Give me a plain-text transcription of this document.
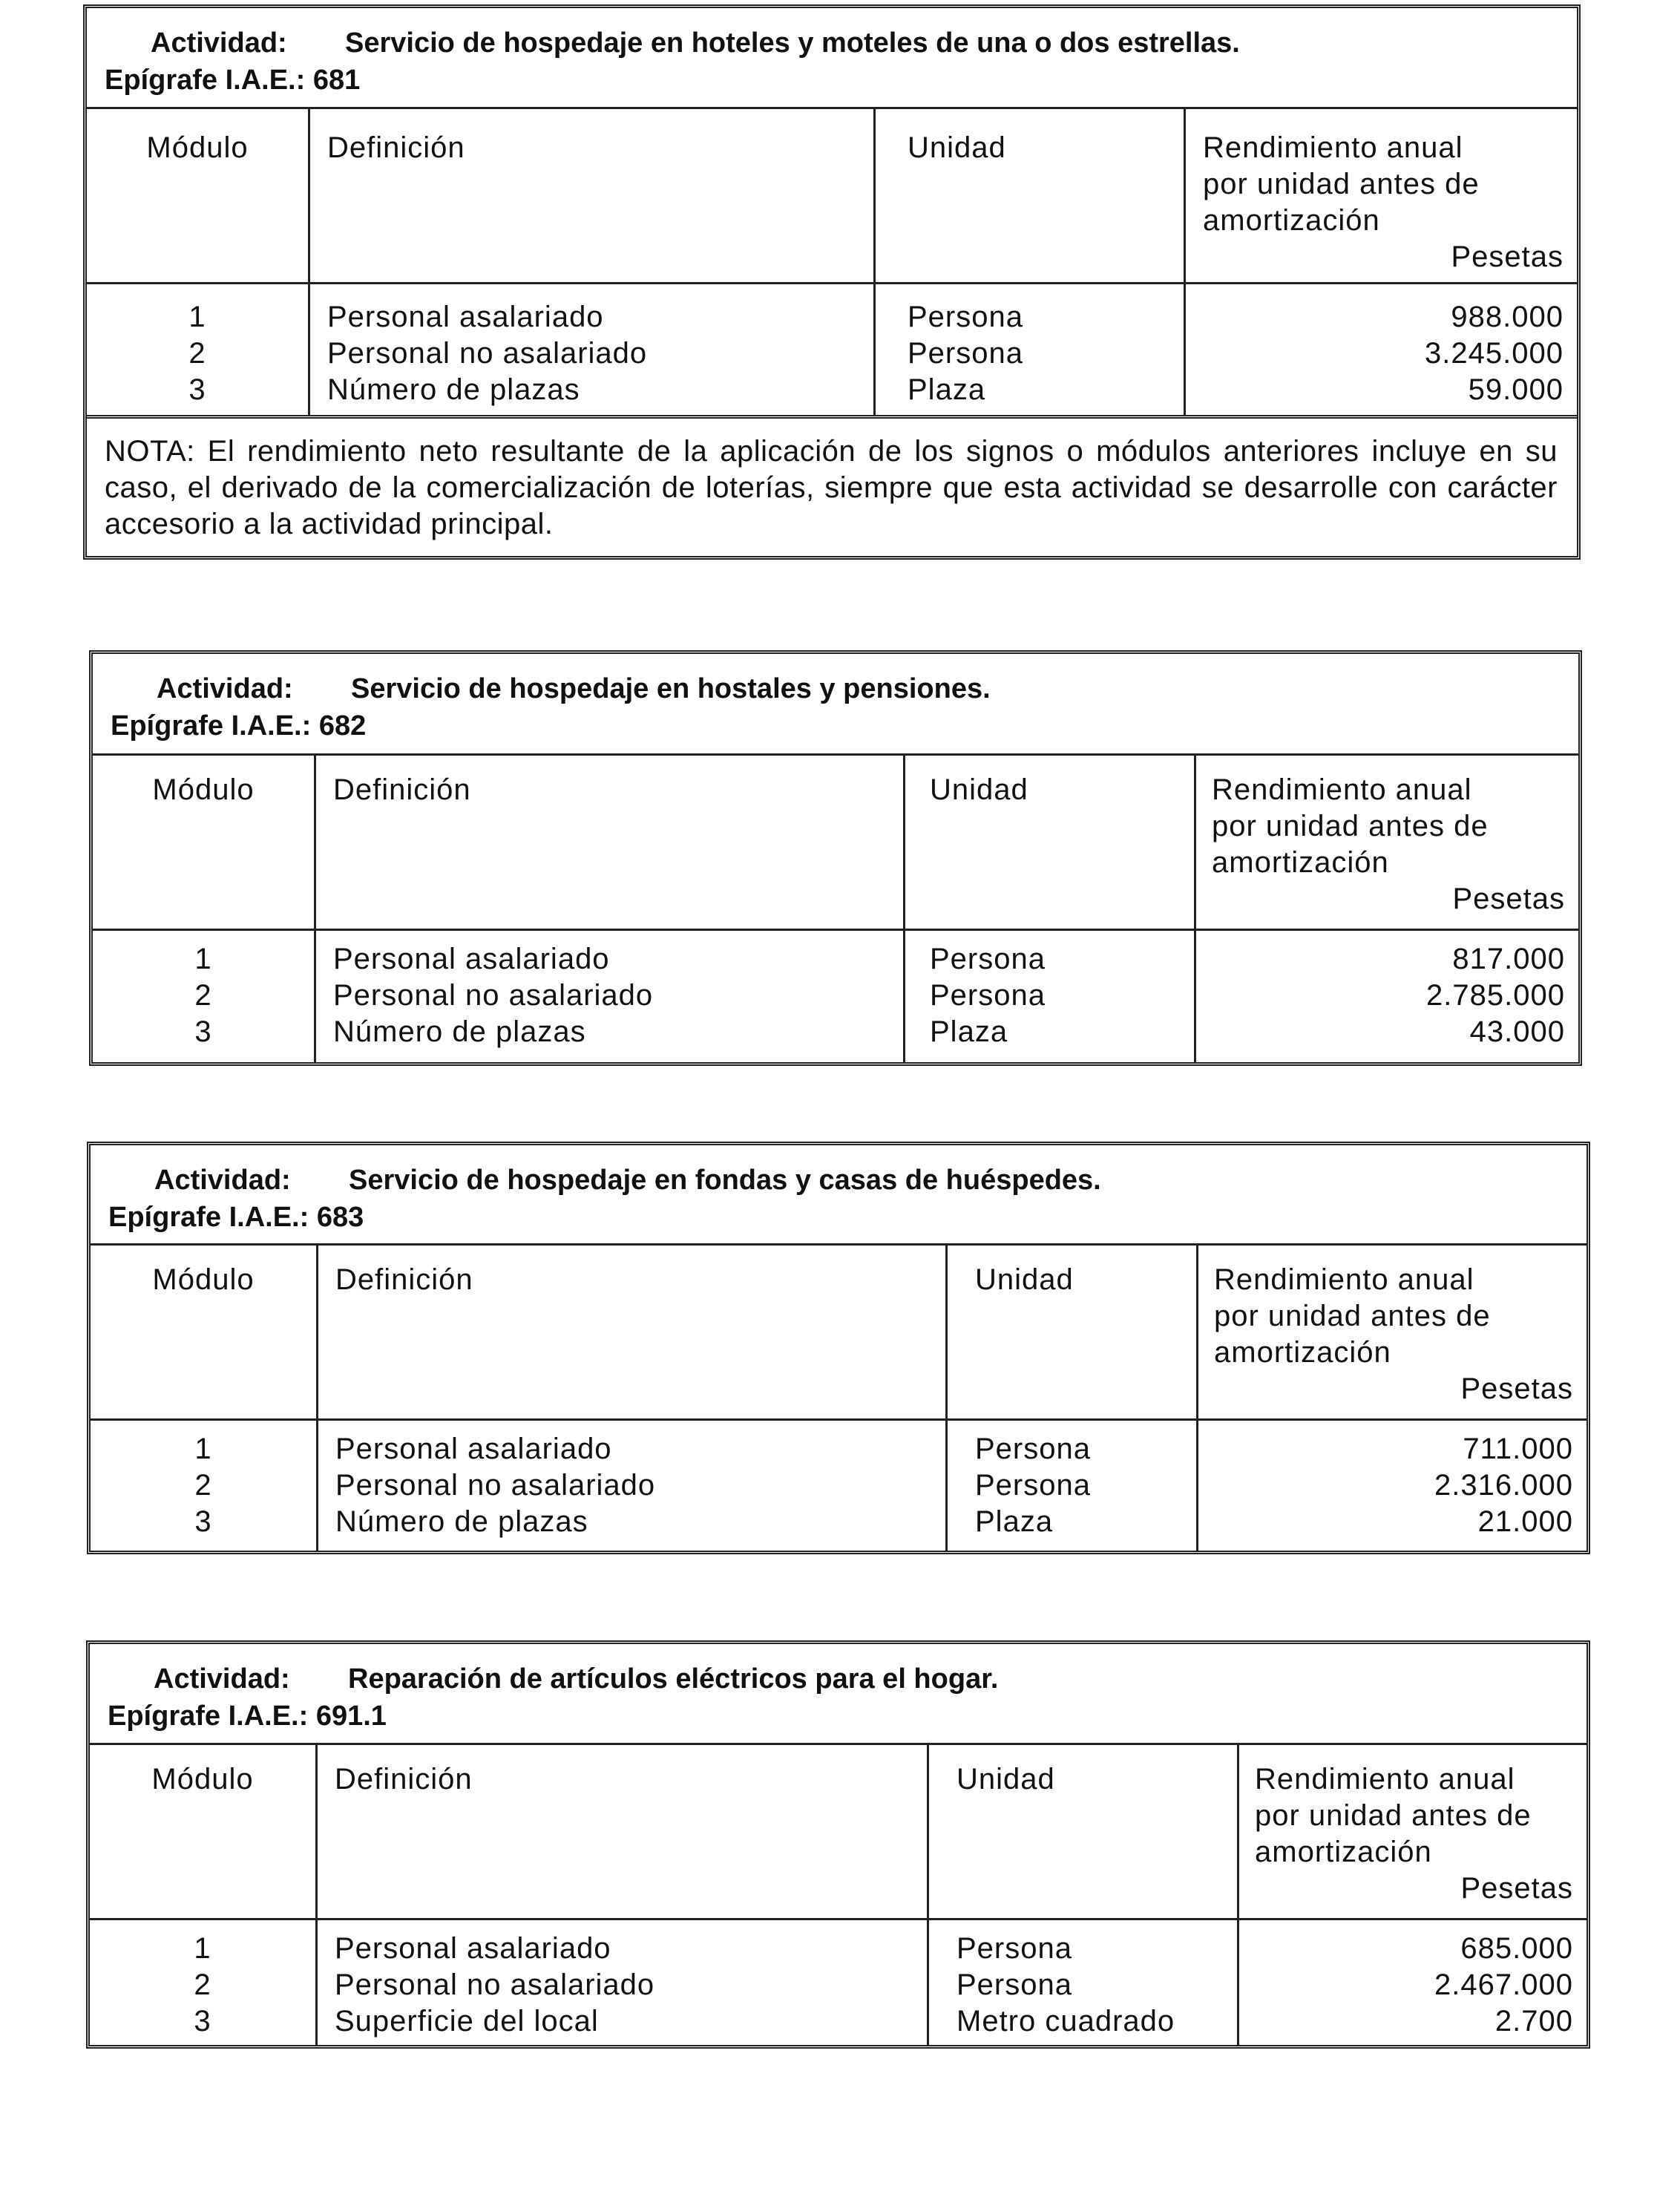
Actividad: Servicio de hospedaje en hoteles y moteles de una o dos estrellas.
Epígrafe I.A.E.: 681
Módulo	Definición	Unidad	Rendimiento anual
por unidad antes de
amortización
Pesetas
1	Personal asalariado	Persona	988.000
2	Personal no asalariado	Persona	3.245.000
3	Número de plazas	Plaza	59.000
NOTA: El rendimiento neto resultante de la aplicación de los signos o módulos anteriores incluye en su caso, el derivado de la comercialización de loterías, siempre que esta actividad se desarrolle con carácter accesorio a la actividad principal.
Actividad: Servicio de hospedaje en hostales y pensiones.
Epígrafe I.A.E.: 682
Módulo	Definición	Unidad	Rendimiento anual
por unidad antes de
amortización
Pesetas
1	Personal asalariado	Persona	817.000
2	Personal no asalariado	Persona	2.785.000
3	Número de plazas	Plaza	43.000
Actividad: Servicio de hospedaje en fondas y casas de huéspedes.
Epígrafe I.A.E.: 683
Módulo	Definición	Unidad	Rendimiento anual
por unidad antes de
amortización
Pesetas
1	Personal asalariado	Persona	711.000
2	Personal no asalariado	Persona	2.316.000
3	Número de plazas	Plaza	21.000
Actividad: Reparación de artículos eléctricos para el hogar.
Epígrafe I.A.E.: 691.1
Módulo	Definición	Unidad	Rendimiento anual
por unidad antes de
amortización
Pesetas
1	Personal asalariado	Persona	685.000
2	Personal no asalariado	Persona	2.467.000
3	Superficie del local	Metro cuadrado	2.700
